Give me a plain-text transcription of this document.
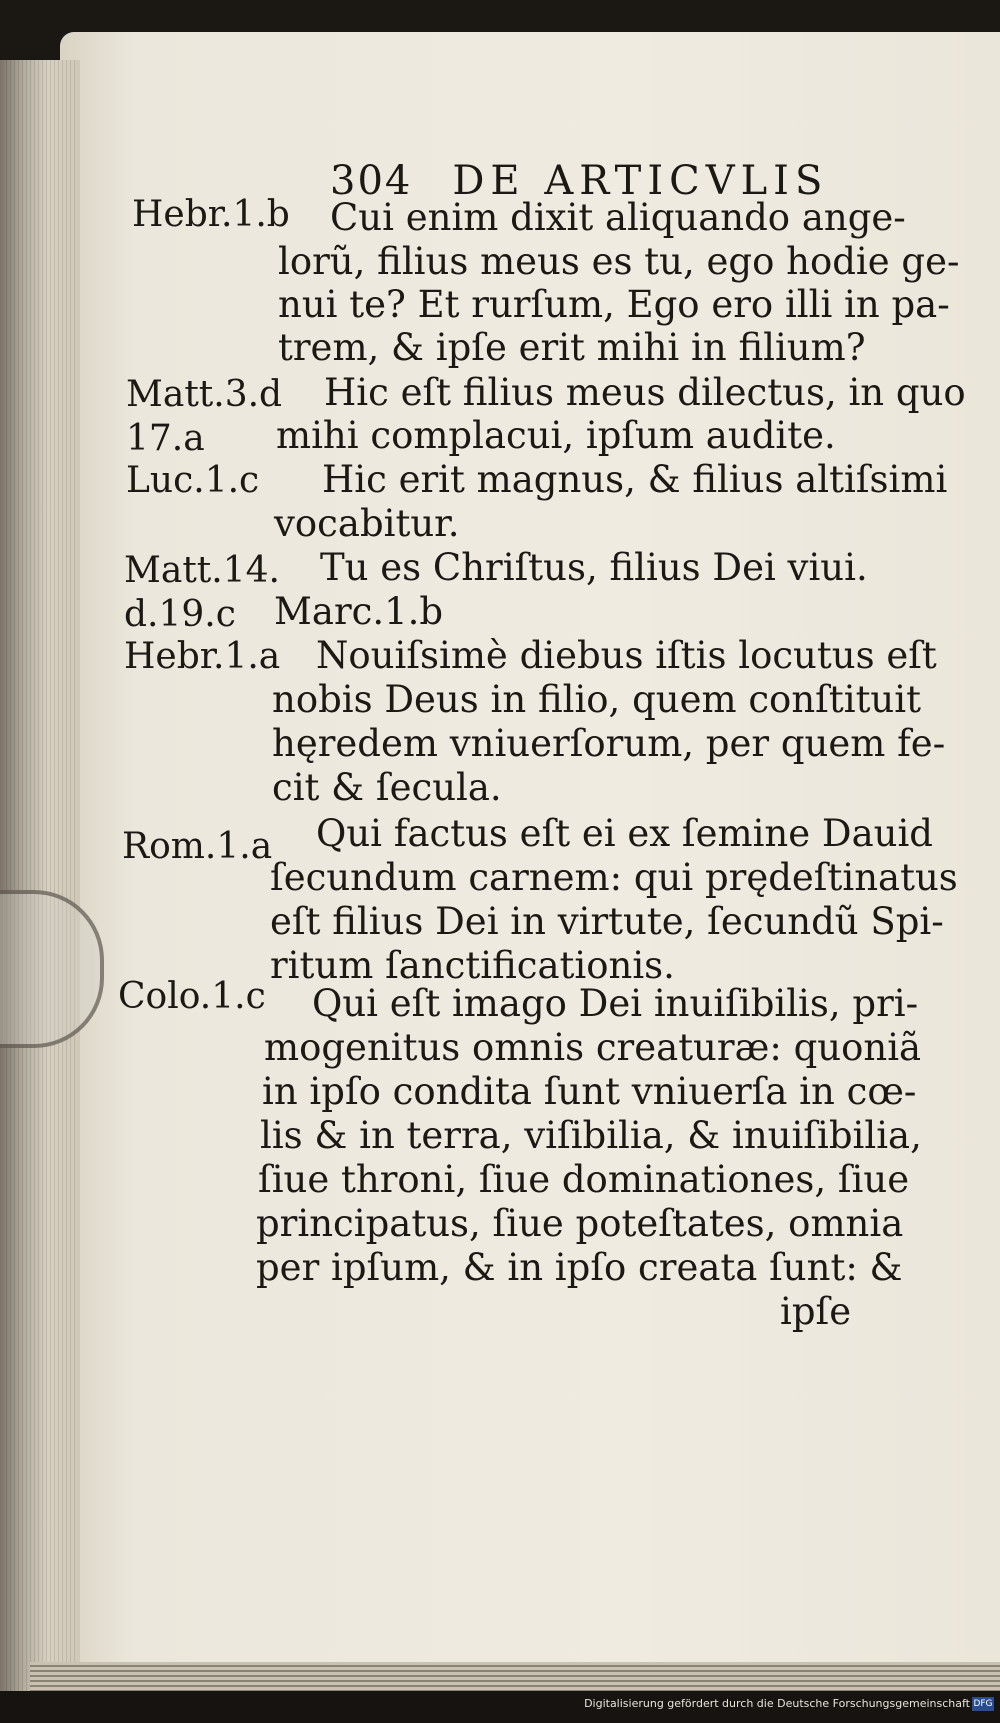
304 DE ARTICVLIS
Hebr.1.b
Matt.3.d
17.a
Luc.1.c
Matt.14.
d.19.c
Hebr.1.a
Rom.1.a
Colo.1.c
Cui enim dixit aliquando ange-
lorũ, filius meus es tu, ego hodie ge-
nui te? Et rurſum, Ego ero illi in pa-
trem, & ipſe erit mihi in filium?
Hic eſt filius meus dilectus, in quo
mihi complacui, ipſum audite.
Hic erit magnus, & filius altiſsimi
vocabitur.
Tu es Chriſtus, filius Dei viui.
Marc.1.b
Nouiſsimè diebus iſtis locutus eſt
nobis Deus in filio, quem conſtituit
hęredem vniuerſorum, per quem fe-
cit & ſecula.
Qui factus eſt ei ex ſemine Dauid
ſecundum carnem: qui prędeſtinatus
eſt filius Dei in virtute, ſecundũ Spi-
ritum ſanctificationis.
Qui eſt imago Dei inuiſibilis, pri-
mogenitus omnis creaturæ: quoniã
in ipſo condita ſunt vniuerſa in cœ-
lis & in terra, viſibilia, & inuiſibilia,
ſiue throni, ſiue dominationes, ſiue
principatus, ſiue poteſtates, omnia
per ipſum, & in ipſo creata ſunt: &
ipſe
Digitalisierung gefördert durch die Deutsche Forschungsgemeinschaft DFG
